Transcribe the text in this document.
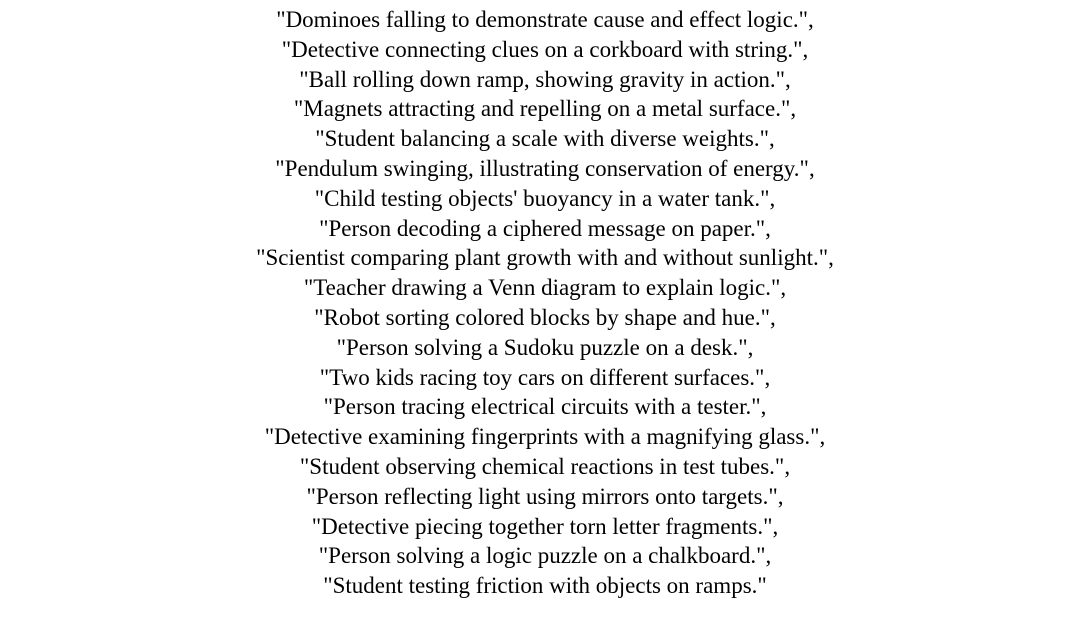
"Dominoes falling to demonstrate cause and effect logic.",
"Detective connecting clues on a corkboard with string.",
"Ball rolling down ramp, showing gravity in action.",
"Magnets attracting and repelling on a metal surface.",
"Student balancing a scale with diverse weights.",
"Pendulum swinging, illustrating conservation of energy.",
"Child testing objects' buoyancy in a water tank.",
"Person decoding a ciphered message on paper.",
"Scientist comparing plant growth with and without sunlight.",
"Teacher drawing a Venn diagram to explain logic.",
"Robot sorting colored blocks by shape and hue.",
"Person solving a Sudoku puzzle on a desk.",
"Two kids racing toy cars on different surfaces.",
"Person tracing electrical circuits with a tester.",
"Detective examining fingerprints with a magnifying glass.",
"Student observing chemical reactions in test tubes.",
"Person reflecting light using mirrors onto targets.",
"Detective piecing together torn letter fragments.",
"Person solving a logic puzzle on a chalkboard.",
"Student testing friction with objects on ramps."
